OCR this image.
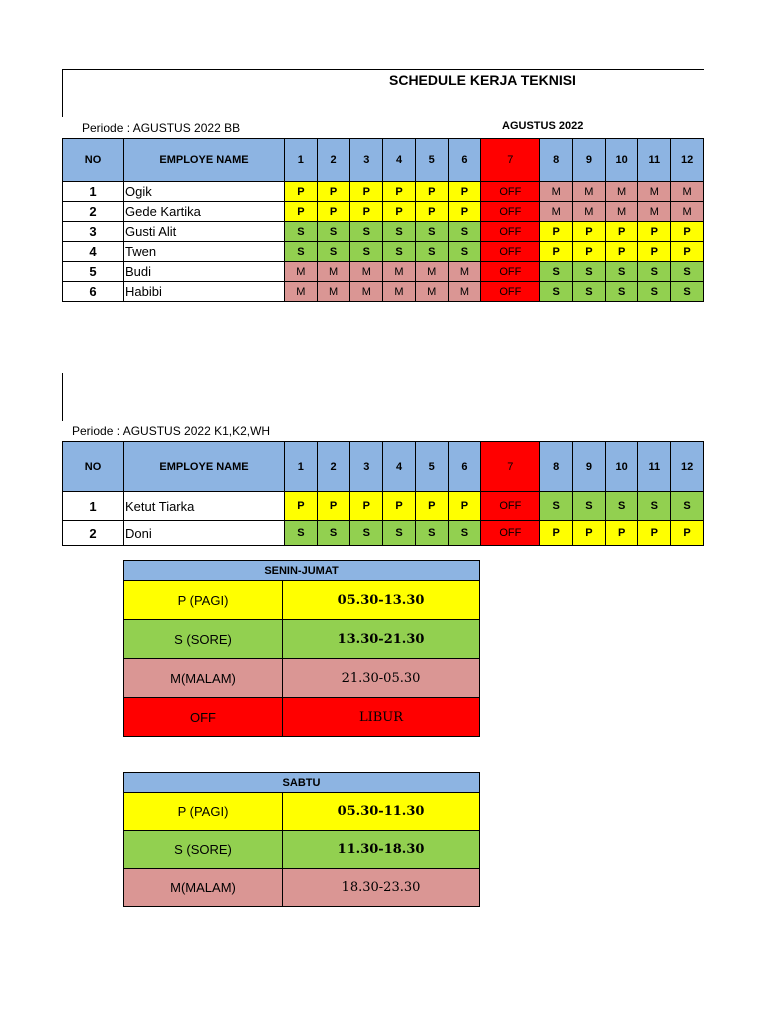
SCHEDULE KERJA TEKNISI
Periode : AGUSTUS 2022 BB	AGUSTUS 2022
NO	EMPLOYE NAME	1	2	3	4	5	6	7	8	9	10	11	12
1	Ogik	P	P	P	P	P	P	OFF	M	M	M	M	M
2	Gede Kartika	P	P	P	P	P	P	OFF	M	M	M	M	M
3	Gusti Alit	S	S	S	S	S	S	OFF	P	P	P	P	P
4	Twen	S	S	S	S	S	S	OFF	P	P	P	P	P
5	Budi	M	M	M	M	M	M	OFF	S	S	S	S	S
6	Habibi	M	M	M	M	M	M	OFF	S	S	S	S	S
Periode : AGUSTUS 2022 K1,K2,WH
NO	EMPLOYE NAME	1	2	3	4	5	6	7	8	9	10	11	12
1	Ketut Tiarka	P	P	P	P	P	P	OFF	S	S	S	S	S
2	Doni	S	S	S	S	S	S	OFF	P	P	P	P	P
SENIN-JUMAT	
P (PAGI)	05.30-13.30
S (SORE)	13.30-21.30
M(MALAM)	21.30-05.30
OFF	LIBUR
SABTU	
P (PAGI)	05.30-11.30
S (SORE)	11.30-18.30
M(MALAM)	18.30-23.30
